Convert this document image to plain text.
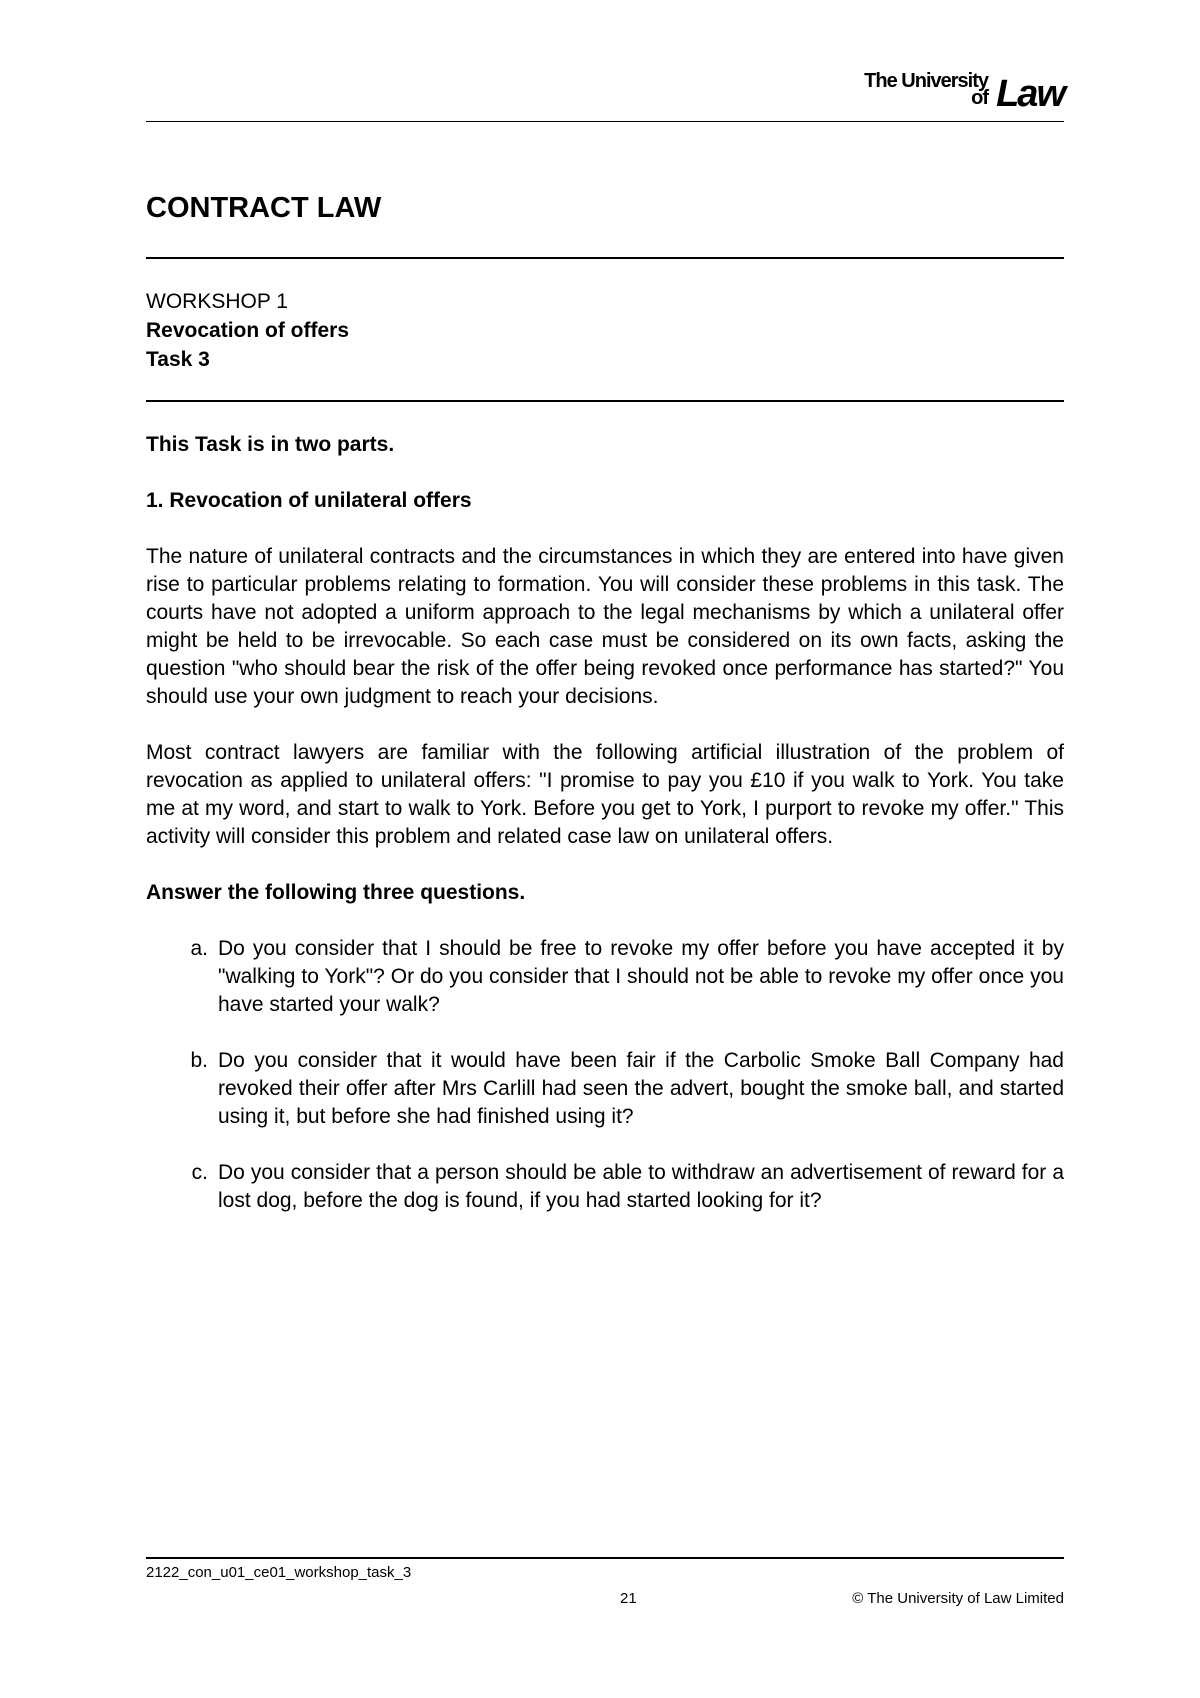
The University
of Law
CONTRACT LAW
WORKSHOP 1
Revocation of offers
Task 3

This Task is in two parts.

1. Revocation of unilateral offers

The nature of unilateral contracts and the circumstances in which they are entered into have given rise to particular problems relating to formation. You will consider these problems in this task. The courts have not adopted a uniform approach to the legal mechanisms by which a unilateral offer might be held to be irrevocable. So each case must be considered on its own facts, asking the question "who should bear the risk of the offer being revoked once performance has started?" You should use your own judgment to reach your decisions.

Most contract lawyers are familiar with the following artificial illustration of the problem of revocation as applied to unilateral offers: "I promise to pay you £10 if you walk to York. You take me at my word, and start to walk to York. Before you get to York, I purport to revoke my offer." This activity will consider this problem and related case law on unilateral offers.

Answer the following three questions.

a. Do you consider that I should be free to revoke my offer before you have accepted it by "walking to York"? Or do you consider that I should not be able to revoke my offer once you have started your walk?
b. Do you consider that it would have been fair if the Carbolic Smoke Ball Company had revoked their offer after Mrs Carlill had seen the advert, bought the smoke ball, and started using it, but before she had finished using it?
c. Do you consider that a person should be able to withdraw an advertisement of reward for a lost dog, before the dog is found, if you had started looking for it?
2122_con_u01_ce01_workshop_task_3
21	© The University of Law Limited
